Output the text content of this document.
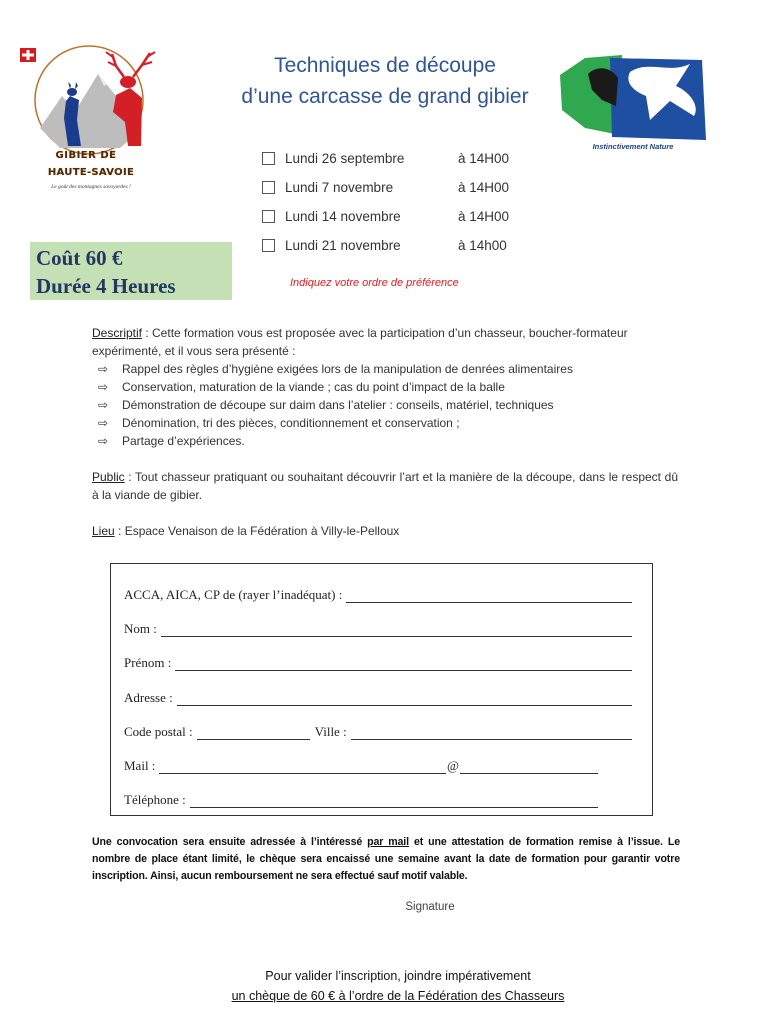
GIBIER DE
HAUTE-SAVOIE
Le goût des montagnes savoyardes !
Instinctivement Nature
Techniques de découpe
d’une carcasse de grand gibier
Lundi 26 septembre	à 14H00
Lundi 7 novembre	à 14H00
Lundi 14 novembre	à 14H00
Lundi 21 novembre	à 14h00
Coût 60 €
Durée 4 Heures	Indiquez votre ordre de préférence
Descriptif : Cette formation vous est proposée avec la participation d’un chasseur, boucher-formateur expérimenté, et il vous sera présenté :
⇨ Rappel des règles d’hygiène exigées lors de la manipulation de denrées alimentaires
⇨ Conservation, maturation de la viande ; cas du point d’impact de la balle
⇨ Démonstration de découpe sur daim dans l’atelier : conseils, matériel, techniques
⇨ Dénomination, tri des pièces, conditionnement et conservation ;
⇨ Partage d’expériences.
Public : Tout chasseur pratiquant ou souhaitant découvrir l’art et la manière de la découpe, dans le respect dû à la viande de gibier.
Lieu : Espace Venaison de la Fédération à Villy-le-Pelloux
ACCA, AICA, CP de (rayer l’inadéquat) :
Nom :
Prénom :
Adresse :
Code postal :	Ville :
Mail :	@
Téléphone :
Une convocation sera ensuite adressée à l’intéressé par mail et une attestation de formation remise à l’issue. Le nombre de place étant limité, le chèque sera encaissé une semaine avant la date de formation pour garantir votre inscription. Ainsi, aucun remboursement ne sera effectué sauf motif valable.
Signature
Pour valider l’inscription, joindre impérativement
un chèque de 60 € à l’ordre de la Fédération des Chasseurs
